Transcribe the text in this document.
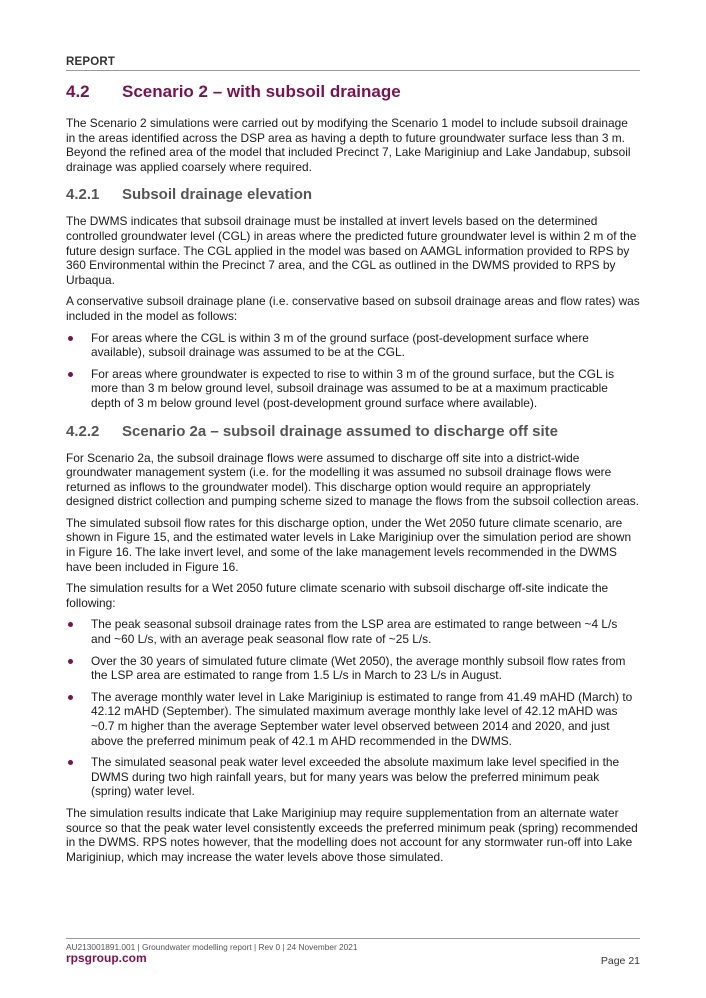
REPORT
4.2	Scenario 2 – with subsoil drainage

The Scenario 2 simulations were carried out by modifying the Scenario 1 model to include subsoil drainage in the areas identified across the DSP area as having a depth to future groundwater surface less than 3 m. Beyond the refined area of the model that included Precinct 7, Lake Mariginiup and Lake Jandabup, subsoil drainage was applied coarsely where required.

4.2.1	Subsoil drainage elevation

The DWMS indicates that subsoil drainage must be installed at invert levels based on the determined controlled groundwater level (CGL) in areas where the predicted future groundwater level is within 2 m of the future design surface. The CGL applied in the model was based on AAMGL information provided to RPS by 360 Environmental within the Precinct 7 area, and the CGL as outlined in the DWMS provided to RPS by Urbaqua.

A conservative subsoil drainage plane (i.e. conservative based on subsoil drainage areas and flow rates) was included in the model as follows:

For areas where the CGL is within 3 m of the ground surface (post-development surface where available), subsoil drainage was assumed to be at the CGL.
For areas where groundwater is expected to rise to within 3 m of the ground surface, but the CGL is more than 3 m below ground level, subsoil drainage was assumed to be at a maximum practicable depth of 3 m below ground level (post-development ground surface where available).
4.2.2	Scenario 2a – subsoil drainage assumed to discharge off site

For Scenario 2a, the subsoil drainage flows were assumed to discharge off site into a district-wide groundwater management system (i.e. for the modelling it was assumed no subsoil drainage flows were returned as inflows to the groundwater model). This discharge option would require an appropriately designed district collection and pumping scheme sized to manage the flows from the subsoil collection areas.

The simulated subsoil flow rates for this discharge option, under the Wet 2050 future climate scenario, are shown in Figure 15, and the estimated water levels in Lake Mariginiup over the simulation period are shown in Figure 16. The lake invert level, and some of the lake management levels recommended in the DWMS have been included in Figure 16.

The simulation results for a Wet 2050 future climate scenario with subsoil discharge off-site indicate the following:

The peak seasonal subsoil drainage rates from the LSP area are estimated to range between ~4 L/s and ~60 L/s, with an average peak seasonal flow rate of ~25 L/s.
Over the 30 years of simulated future climate (Wet 2050), the average monthly subsoil flow rates from the LSP area are estimated to range from 1.5 L/s in March to 23 L/s in August.
The average monthly water level in Lake Mariginiup is estimated to range from 41.49 mAHD (March) to 42.12 mAHD (September). The simulated maximum average monthly lake level of 42.12 mAHD was ~0.7 m higher than the average September water level observed between 2014 and 2020, and just above the preferred minimum peak of 42.1 m AHD recommended in the DWMS.
The simulated seasonal peak water level exceeded the absolute maximum lake level specified in the DWMS during two high rainfall years, but for many years was below the preferred minimum peak (spring) water level.

The simulation results indicate that Lake Mariginiup may require supplementation from an alternate water source so that the peak water level consistently exceeds the preferred minimum peak (spring) recommended in the DWMS. RPS notes however, that the modelling does not account for any stormwater run-off into Lake Mariginiup, which may increase the water levels above those simulated.

AU213001891.001 | Groundwater modelling report | Rev 0 | 24 November 2021
rpsgroup.com	Page 21
